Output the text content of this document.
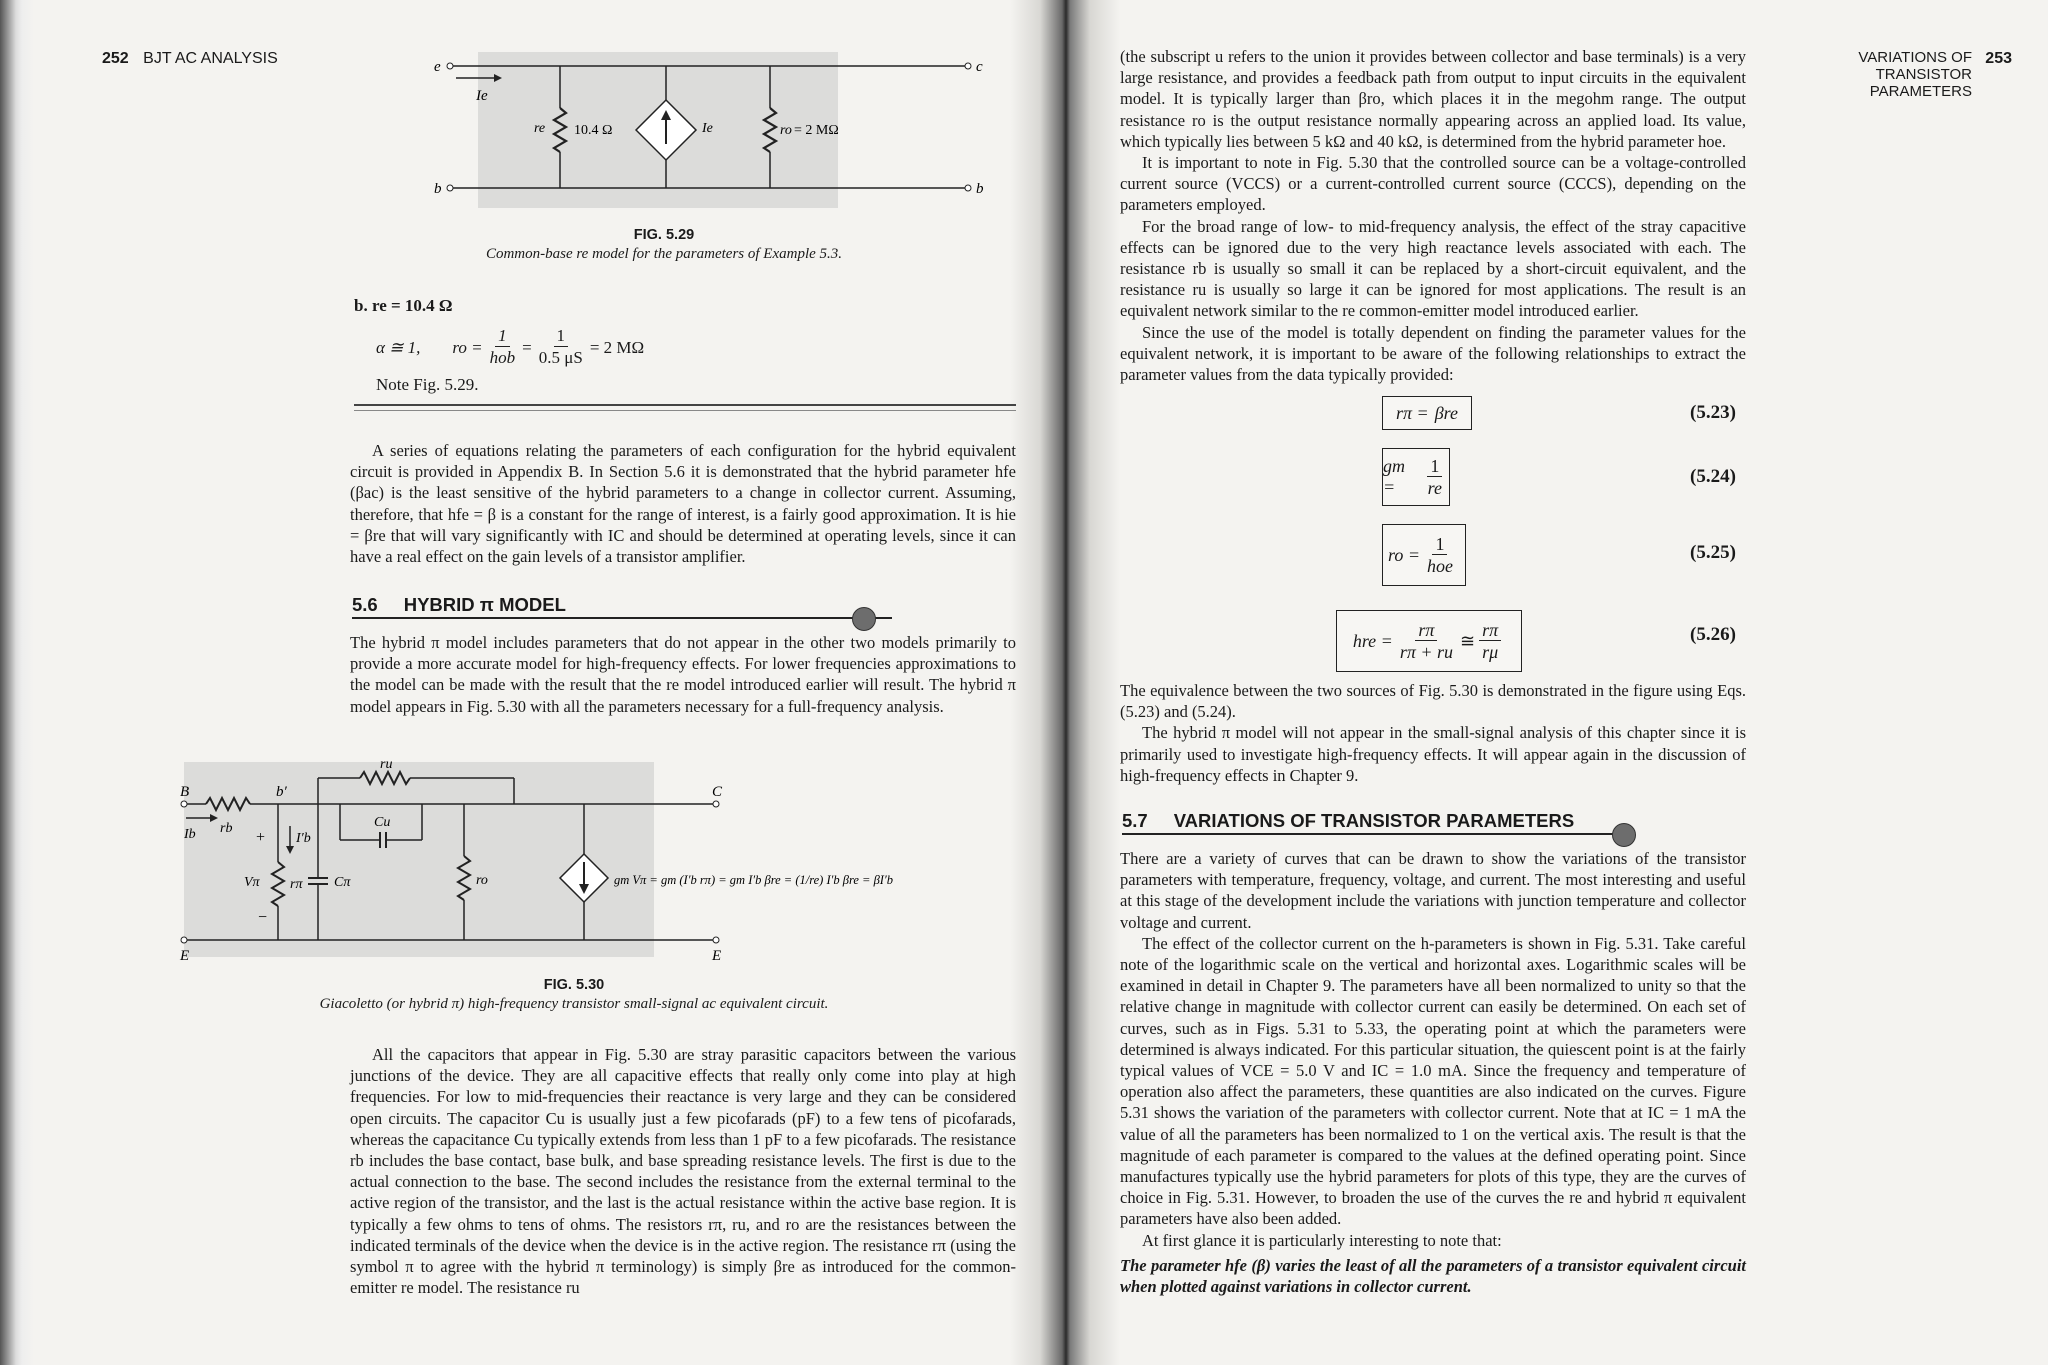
252 BJT AC ANALYSIS	e
b
c
b
Ie
re 10.4 Ω	Ie	ro = 2 MΩ
FIG. 5.29
Common-base re model for the parameters of Example 5.3.
b. re = 10.4 Ω
α ≅ 1, ro = $\frac{1}{\text{hob}} = \frac{1}{0.5 \mu S} = 2$ MΩ
Note Fig. 5.29.

A series of equations relating the parameters of each configuration for the hybrid equivalent circuit is provided in Appendix B. In Section 5.6 it is demonstrated that the hybrid parameter hfe (βac) is the least sensitive of the hybrid parameters to a change in collector current. Assuming, therefore, that hfe = β is a constant for the range of interest, is a fairly good approximation. It is hie = βre that will vary significantly with IC and should be determined at operating levels, since it can have a real effect on the gain levels of a transistor amplifier.

5.6 HYBRID π MODEL

The hybrid π model includes parameters that do not appear in the other two models primarily to provide a more accurate model for high-frequency effects. For lower frequencies approximations to the model can be made with the result that the re model introduced earlier will result. The hybrid π model appears in Fig. 5.30 with all the parameters necessary for a full-frequency analysis.

B	b′	C
E	E
rb
Ib	I′b
ru
Cu
+
Vπ
−
rπ Cπ	ro	gm Vπ = gm (I′b rπ) = gm I′b βre = (1/re) I′b βre = βI′b
FIG. 5.30
Giacoletto (or hybrid π) high-frequency transistor small-signal ac equivalent circuit.

All the capacitors that appear in Fig. 5.30 are stray parasitic capacitors between the various junctions of the device. They are all capacitive effects that really only come into play at high frequencies. For low to mid-frequencies their reactance is very large and they can be considered open circuits. The capacitor Cu is usually just a few picofarads (pF) to a few tens of picofarads, whereas the capacitance Cu typically extends from less than 1 pF to a few picofarads. The resistance rb includes the base contact, base bulk, and base spreading resistance levels. The first is due to the actual connection to the base. The second includes the resistance from the external terminal to the active region of the transistor, and the last is the actual resistance within the active base region. It is typically a few ohms to tens of ohms. The resistors rπ, ru, and ro are the resistances between the indicated terminals of the device when the device is in the active region. The resistance rπ (using the symbol π to agree with the hybrid π terminology) is simply βre as introduced for the common-emitter re model. The resistance ru

VARIATIONS OF
TRANSISTOR
PARAMETERS
253

(the subscript u refers to the union it provides between collector and base terminals) is a very large resistance, and provides a feedback path from output to input circuits in the equivalent model. It is typically larger than βro, which places it in the megohm range. The output resistance ro is the output resistance normally appearing across an applied load. Its value, which typically lies between 5 kΩ and 40 kΩ, is determined from the hybrid parameter hoe.

It is important to note in Fig. 5.30 that the controlled source can be a voltage-controlled current source (VCCS) or a current-controlled current source (CCCS), depending on the parameters employed.

For the broad range of low- to mid-frequency analysis, the effect of the stray capacitive effects can be ignored due to the very high reactance levels associated with each. The resistance rb is usually so small it can be replaced by a short-circuit equivalent, and the resistance ru is usually so large it can be ignored for most applications. The result is an equivalent network similar to the re common-emitter model introduced earlier.

Since the use of the model is totally dependent on finding the parameter values for the equivalent network, it is important to be aware of the following relationships to extract the parameter values from the data typically provided:

rπ = βre	(5.23)
gm =	$\frac{1}{re}$	(5.24)
ro = $\frac{1}{\text{hoe}}$	(5.25)
hre = $\frac{r\pi}{r\pi + ru}$ ≅ $\frac{r\pi}{r\mu}$	(5.26)

The equivalence between the two sources of Fig. 5.30 is demonstrated in the figure using Eqs. (5.23) and (5.24).

The hybrid π model will not appear in the small-signal analysis of this chapter since it is primarily used to investigate high-frequency effects. It will appear again in the discussion of high-frequency effects in Chapter 9.

5.7 VARIATIONS OF TRANSISTOR PARAMETERS

There are a variety of curves that can be drawn to show the variations of the transistor parameters with temperature, frequency, voltage, and current. The most interesting and useful at this stage of the development include the variations with junction temperature and collector voltage and current.

The effect of the collector current on the h-parameters is shown in Fig. 5.31. Take careful note of the logarithmic scale on the vertical and horizontal axes. Logarithmic scales will be examined in detail in Chapter 9. The parameters have all been normalized to unity so that the relative change in magnitude with collector current can easily be determined. On each set of curves, such as in Figs. 5.31 to 5.33, the operating point at which the parameters were determined is always indicated. For this particular situation, the quiescent point is at the fairly typical values of VCE = 5.0 V and IC = 1.0 mA. Since the frequency and temperature of operation also affect the parameters, these quantities are also indicated on the curves. Figure 5.31 shows the variation of the parameters with collector current. Note that at IC = 1 mA the value of all the parameters has been normalized to 1 on the vertical axis. The result is that the magnitude of each parameter is compared to the values at the defined operating point. Since manufactures typically use the hybrid parameters for plots of this type, they are the curves of choice in Fig. 5.31. However, to broaden the use of the curves the re and hybrid π equivalent parameters have also been added.

At first glance it is particularly interesting to note that:

The parameter hfe (β) varies the least of all the parameters of a transistor equivalent circuit when plotted against variations in collector current.
